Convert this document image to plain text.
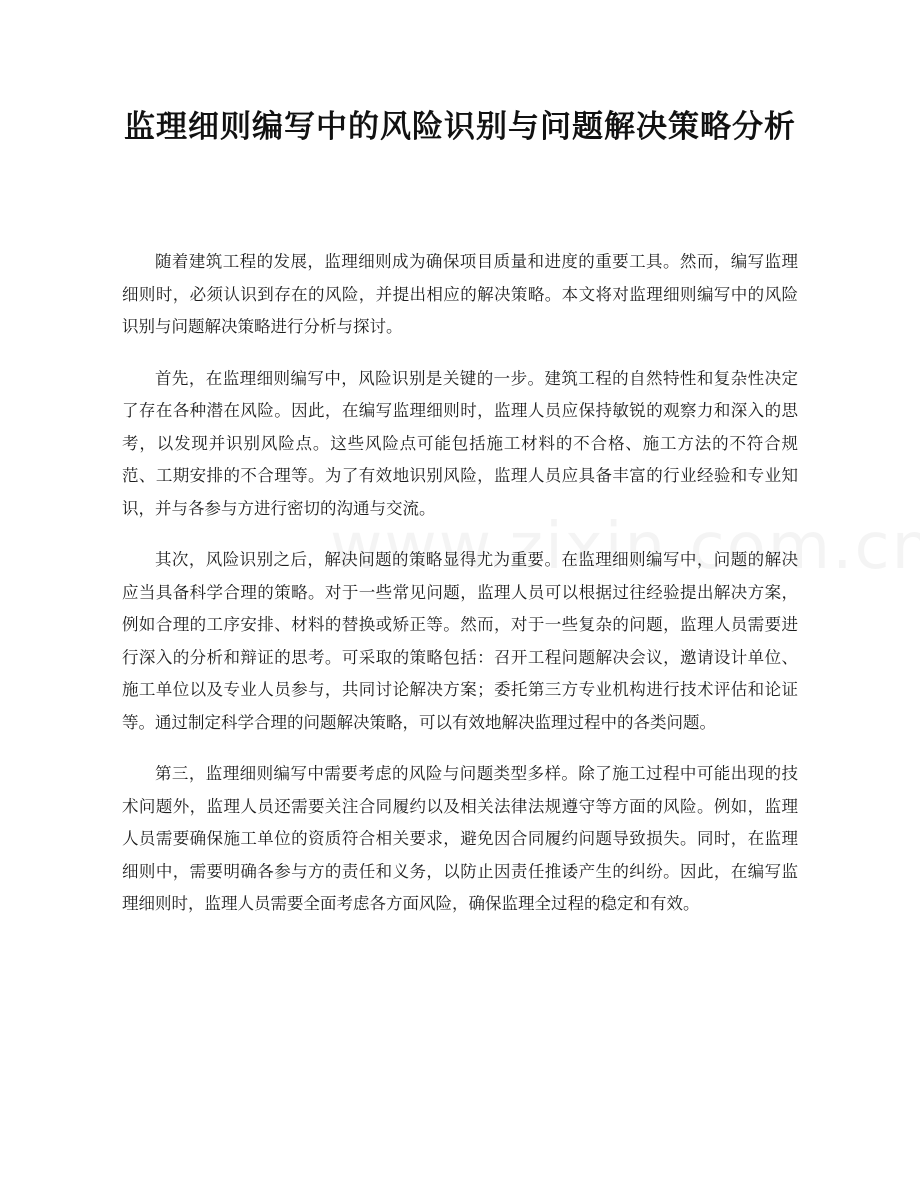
监理细则编写中的风险识别与问题解决策略分析

随着建筑工程的发展，监理细则成为确保项目质量和进度的重要工具。然而，编写监理细则时，必须认识到存在的风险，并提出相应的解决策略。本文将对监理细则编写中的风险识别与问题解决策略进行分析与探讨。

首先，在监理细则编写中，风险识别是关键的一步。建筑工程的自然特性和复杂性决定了存在各种潜在风险。因此，在编写监理细则时，监理人员应保持敏锐的观察力和深入的思考，以发现并识别风险点。这些风险点可能包括施工材料的不合格、施工方法的不符合规范、工期安排的不合理等。为了有效地识别风险，监理人员应具备丰富的行业经验和专业知识，并与各参与方进行密切的沟通与交流。

其次，风险识别之后，解决问题的策略显得尤为重要。在监理细则编写中，问题的解决应当具备科学合理的策略。对于一些常见问题，监理人员可以根据过往经验提出解决方案，例如合理的工序安排、材料的替换或矫正等。然而，对于一些复杂的问题，监理人员需要进行深入的分析和辩证的思考。可采取的策略包括：召开工程问题解决会议，邀请设计单位、施工单位以及专业人员参与，共同讨论解决方案；委托第三方专业机构进行技术评估和论证等。通过制定科学合理的问题解决策略，可以有效地解决监理过程中的各类问题。

第三，监理细则编写中需要考虑的风险与问题类型多样。除了施工过程中可能出现的技术问题外，监理人员还需要关注合同履约以及相关法律法规遵守等方面的风险。例如，监理人员需要确保施工单位的资质符合相关要求，避免因合同履约问题导致损失。同时，在监理细则中，需要明确各参与方的责任和义务，以防止因责任推诿产生的纠纷。因此，在编写监理细则时，监理人员需要全面考虑各方面风险，确保监理全过程的稳定和有效。
